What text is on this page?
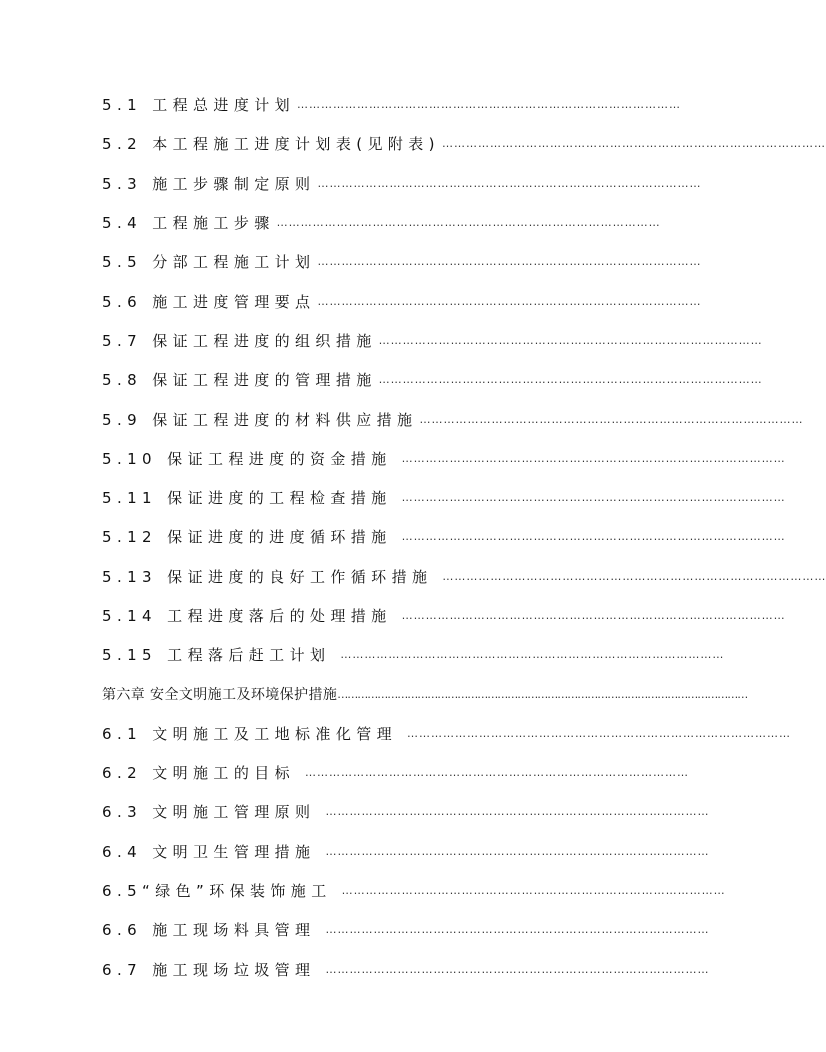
5.1 工程总进度计划 ……………………………………………………………………………………
5.2 本工程施工进度计划表(见附表) ……………………………………………………………………………………
5.3 施工步骤制定原则 ……………………………………………………………………………………
5.4 工程施工步骤 ……………………………………………………………………………………
5.5 分部工程施工计划 ……………………………………………………………………………………
5.6 施工进度管理要点 ……………………………………………………………………………………
5.7 保证工程进度的组织措施 ……………………………………………………………………………………
5.8 保证工程进度的管理措施 ……………………………………………………………………………………
5.9 保证工程进度的材料供应措施 ……………………………………………………………………………………
5.10 保证工程进度的资金措施 ……………………………………………………………………………………
5.11 保证进度的工程检查措施 ……………………………………………………………………………………
5.12 保证进度的进度循环措施 ……………………………………………………………………………………
5.13 保证进度的良好工作循环措施 ……………………………………………………………………………………
5.14 工程进度落后的处理措施 ……………………………………………………………………………………
5.15 工程落后赶工计划 ……………………………………………………………………………………
第六章 安全文明施工及环境保护措施 ……………………………………………………………………………………………………………
6.1 文明施工及工地标准化管理 ……………………………………………………………………………………
6.2 文明施工的目标 ……………………………………………………………………………………
6.3 文明施工管理原则 ……………………………………………………………………………………
6.4 文明卫生管理措施 ……………………………………………………………………………………
6.5“绿色”环保装饰施工 ……………………………………………………………………………………
6.6 施工现场料具管理 ……………………………………………………………………………………
6.7 施工现场垃圾管理 ……………………………………………………………………………………
